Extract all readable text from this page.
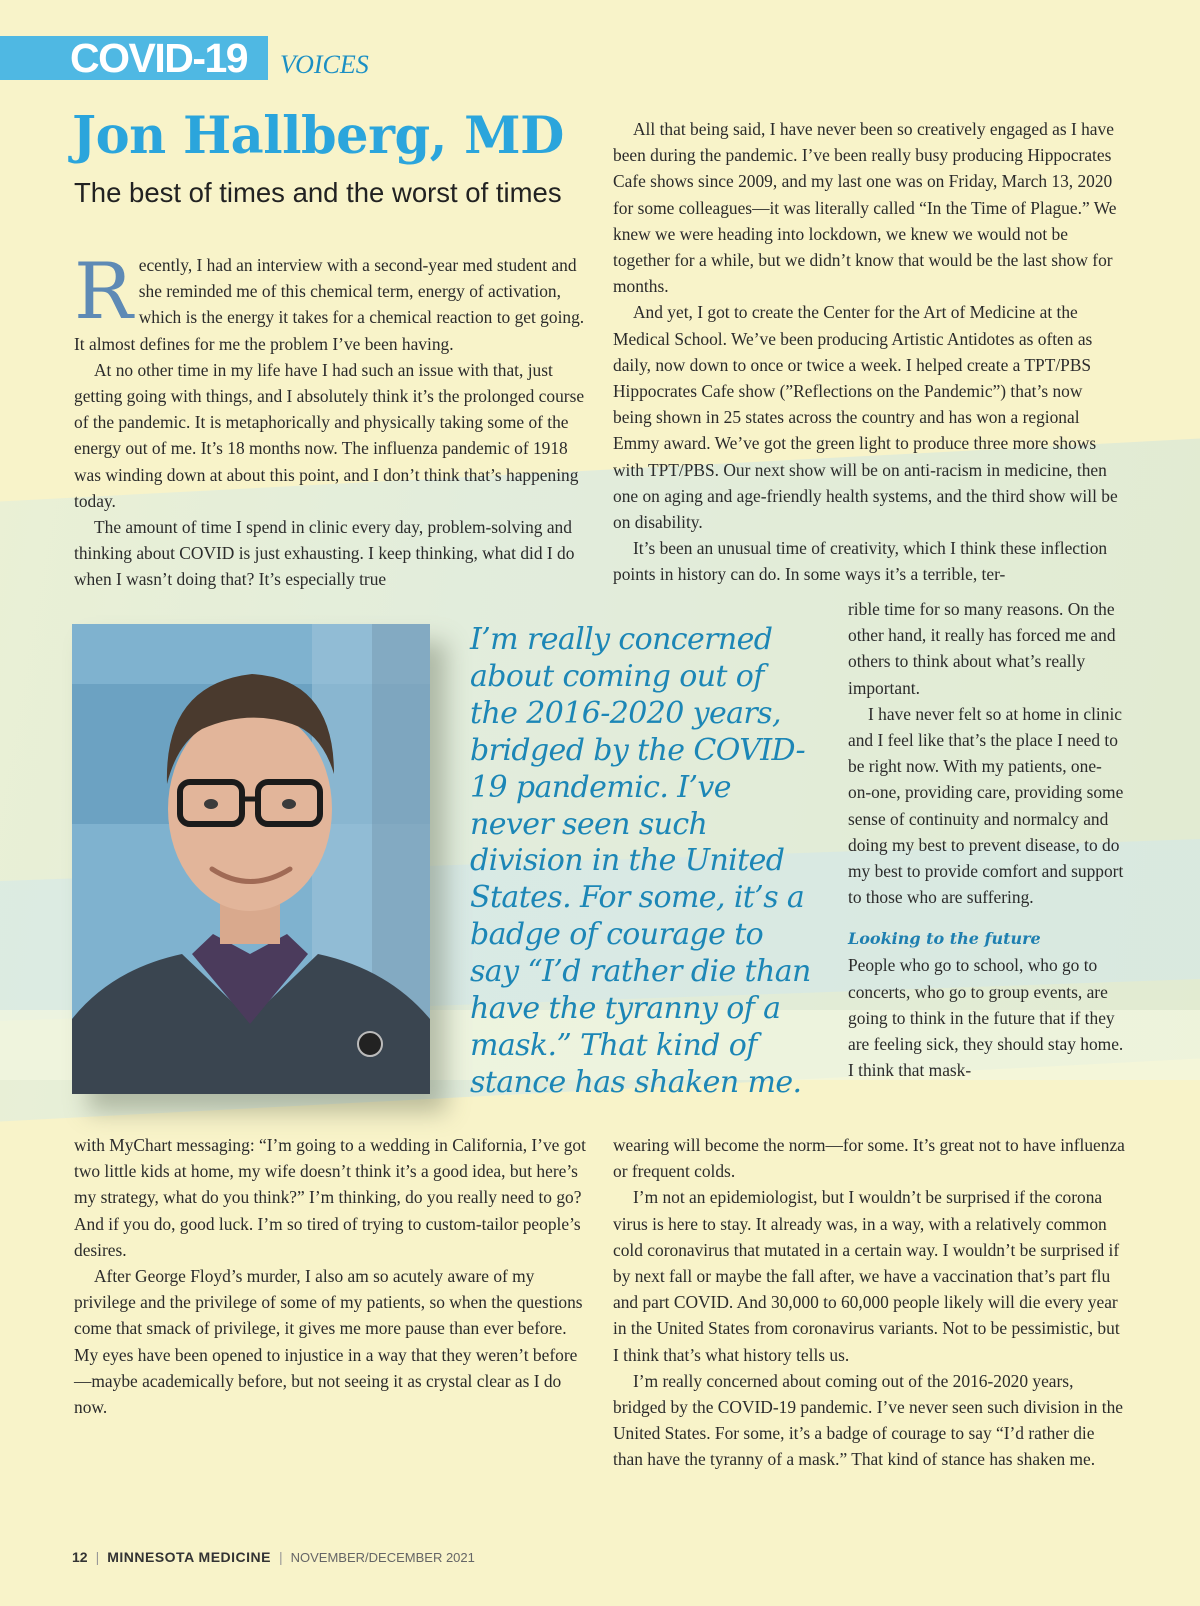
COVID-19 VOICES
Jon Hallberg, MD
The best of times and the worst of times

Recently, I had an interview with a second-year med student and she reminded me of this chemical term, energy of activation, which is the energy it takes for a chemical reaction to get going. It almost defines for me the problem I’ve been having.

At no other time in my life have I had such an issue with that, just getting going with things, and I absolutely think it’s the prolonged course of the pandemic. It is metaphorically and physically taking some of the energy out of me. It’s 18 months now. The influenza pandemic of 1918 was winding down at about this point, and I don’t think that’s happening today.

The amount of time I spend in clinic every day, problem-solving and thinking about COVID is just exhausting. I keep thinking, what did I do when I wasn’t doing that? It’s especially true

I’m really concerned about coming out of the 2016-2020 years, bridged by the COVID-19 pandemic. I’ve never seen such division in the United States. For some, it’s a badge of courage to say “I’d rather die than have the tyranny of a mask.” That kind of stance has shaken me.

with MyChart messaging: “I’m going to a wedding in California, I’ve got two little kids at home, my wife doesn’t think it’s a good idea, but here’s my strategy, what do you think?” I’m thinking, do you really need to go? And if you do, good luck. I’m so tired of trying to custom-tailor people’s desires.

After George Floyd’s murder, I also am so acutely aware of my privilege and the privilege of some of my patients, so when the questions come that smack of privilege, it gives me more pause than ever before. My eyes have been opened to injustice in a way that they weren’t before—maybe academically before, but not seeing it as crystal clear as I do now.

All that being said, I have never been so creatively engaged as I have been during the pandemic. I’ve been really busy producing Hippocrates Cafe shows since 2009, and my last one was on Friday, March 13, 2020 for some colleagues—it was literally called “In the Time of Plague.” We knew we were heading into lockdown, we knew we would not be together for a while, but we didn’t know that would be the last show for months.

And yet, I got to create the Center for the Art of Medicine at the Medical School. We’ve been producing Artistic Antidotes as often as daily, now down to once or twice a week. I helped create a TPT/PBS Hippocrates Cafe show (”Reflections on the Pandemic”) that’s now being shown in 25 states across the country and has won a regional Emmy award. We’ve got the green light to produce three more shows with TPT/PBS. Our next show will be on anti-racism in medicine, then one on aging and age-friendly health systems, and the third show will be on disability.

It’s been an unusual time of creativity, which I think these inflection points in history can do. In some ways it’s a terrible, ter-

rible time for so many reasons. On the other hand, it really has forced me and others to think about what’s really important.

I have never felt so at home in clinic and I feel like that’s the place I need to be right now. With my patients, one-on-one, providing care, providing some sense of continuity and normalcy and doing my best to prevent disease, to do my best to provide comfort and support to those who are suffering.

Looking to the future

People who go to school, who go to concerts, who go to group events, are going to think in the future that if they are feeling sick, they should stay home. I think that mask-

wearing will become the norm—for some. It’s great not to have influenza or frequent colds.

I’m not an epidemiologist, but I wouldn’t be surprised if the corona virus is here to stay. It already was, in a way, with a relatively common cold coronavirus that mutated in a certain way. I wouldn’t be surprised if by next fall or maybe the fall after, we have a vaccination that’s part flu and part COVID. And 30,000 to 60,000 people likely will die every year in the United States from coronavirus variants. Not to be pessimistic, but I think that’s what history tells us.

I’m really concerned about coming out of the 2016-2020 years, bridged by the COVID-19 pandemic. I’ve never seen such division in the United States. For some, it’s a badge of courage to say “I’d rather die than have the tyranny of a mask.” That kind of stance has shaken me.

12 | MINNESOTA MEDICINE | NOVEMBER/DECEMBER 2021
